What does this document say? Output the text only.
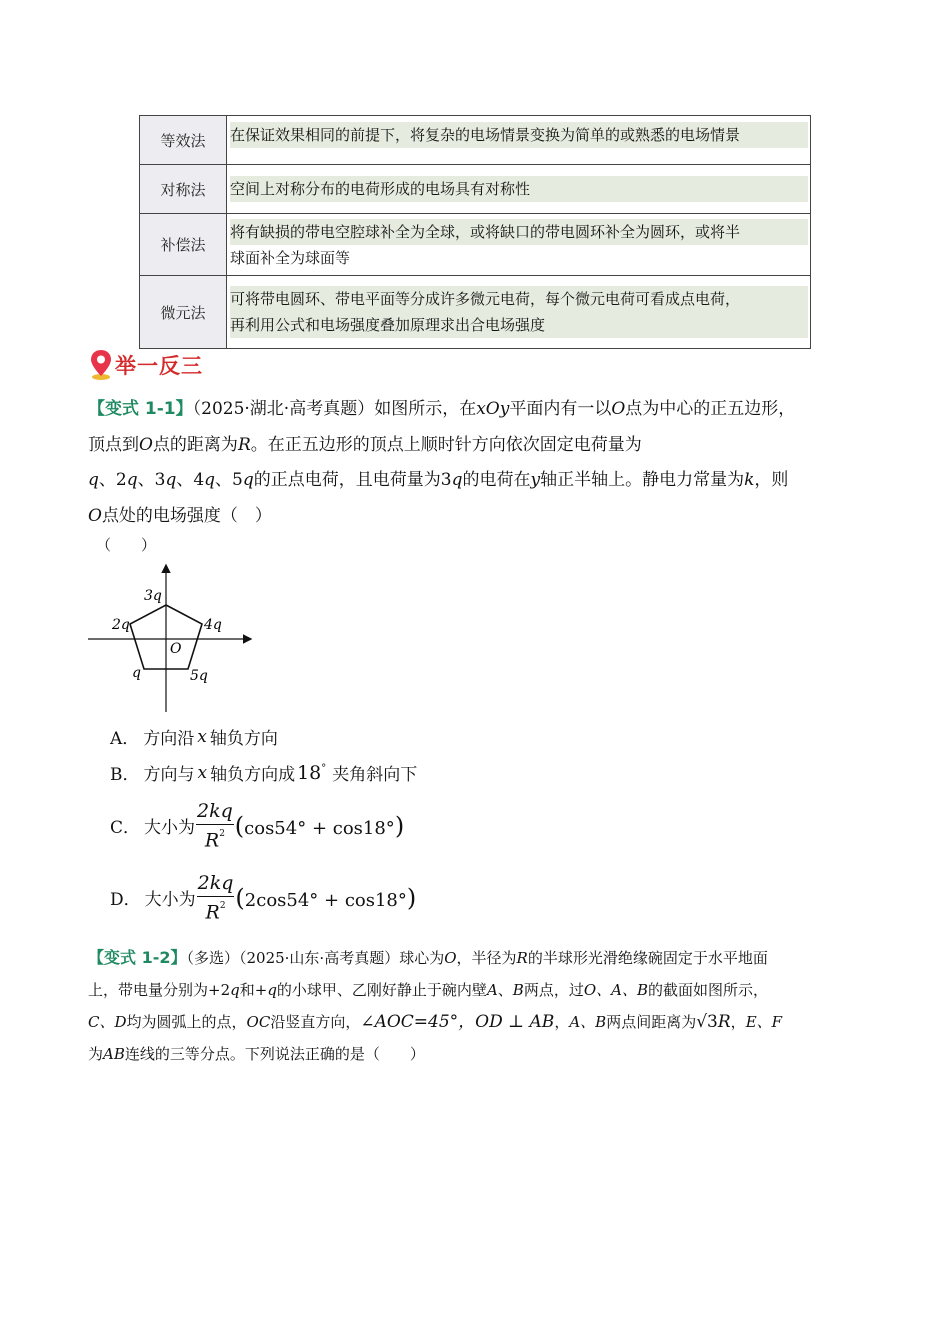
等效法	在保证效果相同的前提下，将复杂的电场情景变换为简单的或熟悉的电场情景

对称法	空间上对称分布的电荷形成的电场具有对称性

补偿法	将有缺损的带电空腔球补全为全球，或将缺口的带电圆环补全为圆环，或将半
球面补全为球面等

微元法	可将带电圆环、带电平面等分成许多微元电荷，每个微元电荷可看成点电荷，
再利用公式和电场强度叠加原理求出合电场强度
举一反三
【变式 1-1】（2025·湖北·高考真题）如图所示，在xOy平面内有一以O点为中心的正五边形，
顶点到O点的距离为R。在正五边形的顶点上顺时针方向依次固定电荷量为
q、2q、3q、4q、5q的正点电荷，且电荷量为3q的电荷在y轴正半轴上。静电力常量为k，则
O点处的电场强度（　）
（　　）
3q
2q	4q
O
q	5q
A． 方向沿 x 轴负方向
B． 方向与 x 轴负方向成 18 ° 夹角斜向下
C． 大小为 $\frac{2kq}{R^2} (\cos 54^\circ + \cos 18^\circ)$
D． 大小为 $\frac{2kq}{R^2} (2\cos 54^\circ + \cos 18^\circ)$
【变式 1-2】（多选）（2025·山东·高考真题）球心为O，半径为R的半球形光滑绝缘碗固定于水平地面
上，带电量分别为+2q和+q的小球甲、乙刚好静止于碗内壁A、B两点，过O、A、B的截面如图所示，
C、D均为圆弧上的点，OC沿竖直方向，∠AOC=45°，OD ⊥ AB，A、B两点间距离为√3R，E、F
为AB连线的三等分点。下列说法正确的是（　　）
